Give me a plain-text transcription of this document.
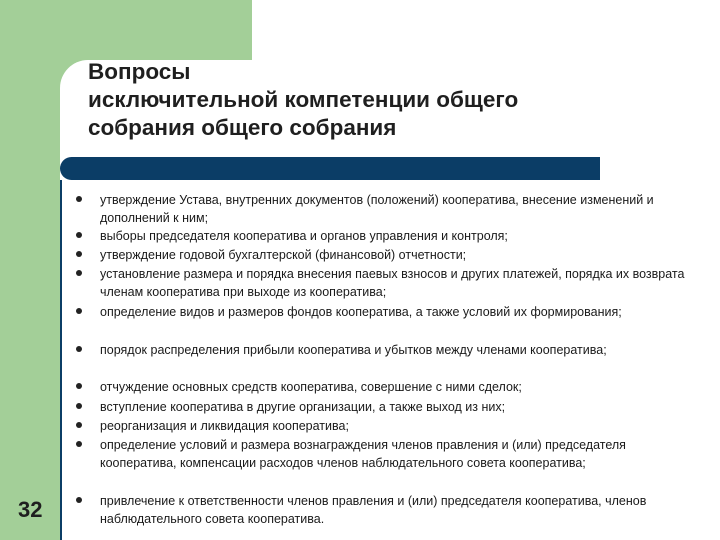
Вопросы
исключительной компетенции общего
собрания общего собрания
32
утверждение Устава, внутренних документов (положений) кооператива, внесение изменений и дополнений к ним;
выборы председателя кооператива и органов управления и контроля;
утверждение годовой бухгалтерской (финансовой) отчетности;
установление размера и порядка внесения паевых взносов и других платежей, порядка их возврата членам кооператива при выходе из кооператива;
определение видов и размеров фондов кооператива, а также условий их формирования;
порядок распределения прибыли кооператива и убытков между членами кооператива;
отчуждение основных средств кооператива, совершение с ними сделок;
вступление кооператива в другие организации, а также выход из них;
реорганизация и ликвидация кооператива;
определение условий и размера вознаграждения членов правления и (или) председателя кооператива, компенсации расходов членов наблюдательного совета кооператива;
привлечение к ответственности членов правления и (или) председателя кооператива, членов наблюдательного совета кооператива.
